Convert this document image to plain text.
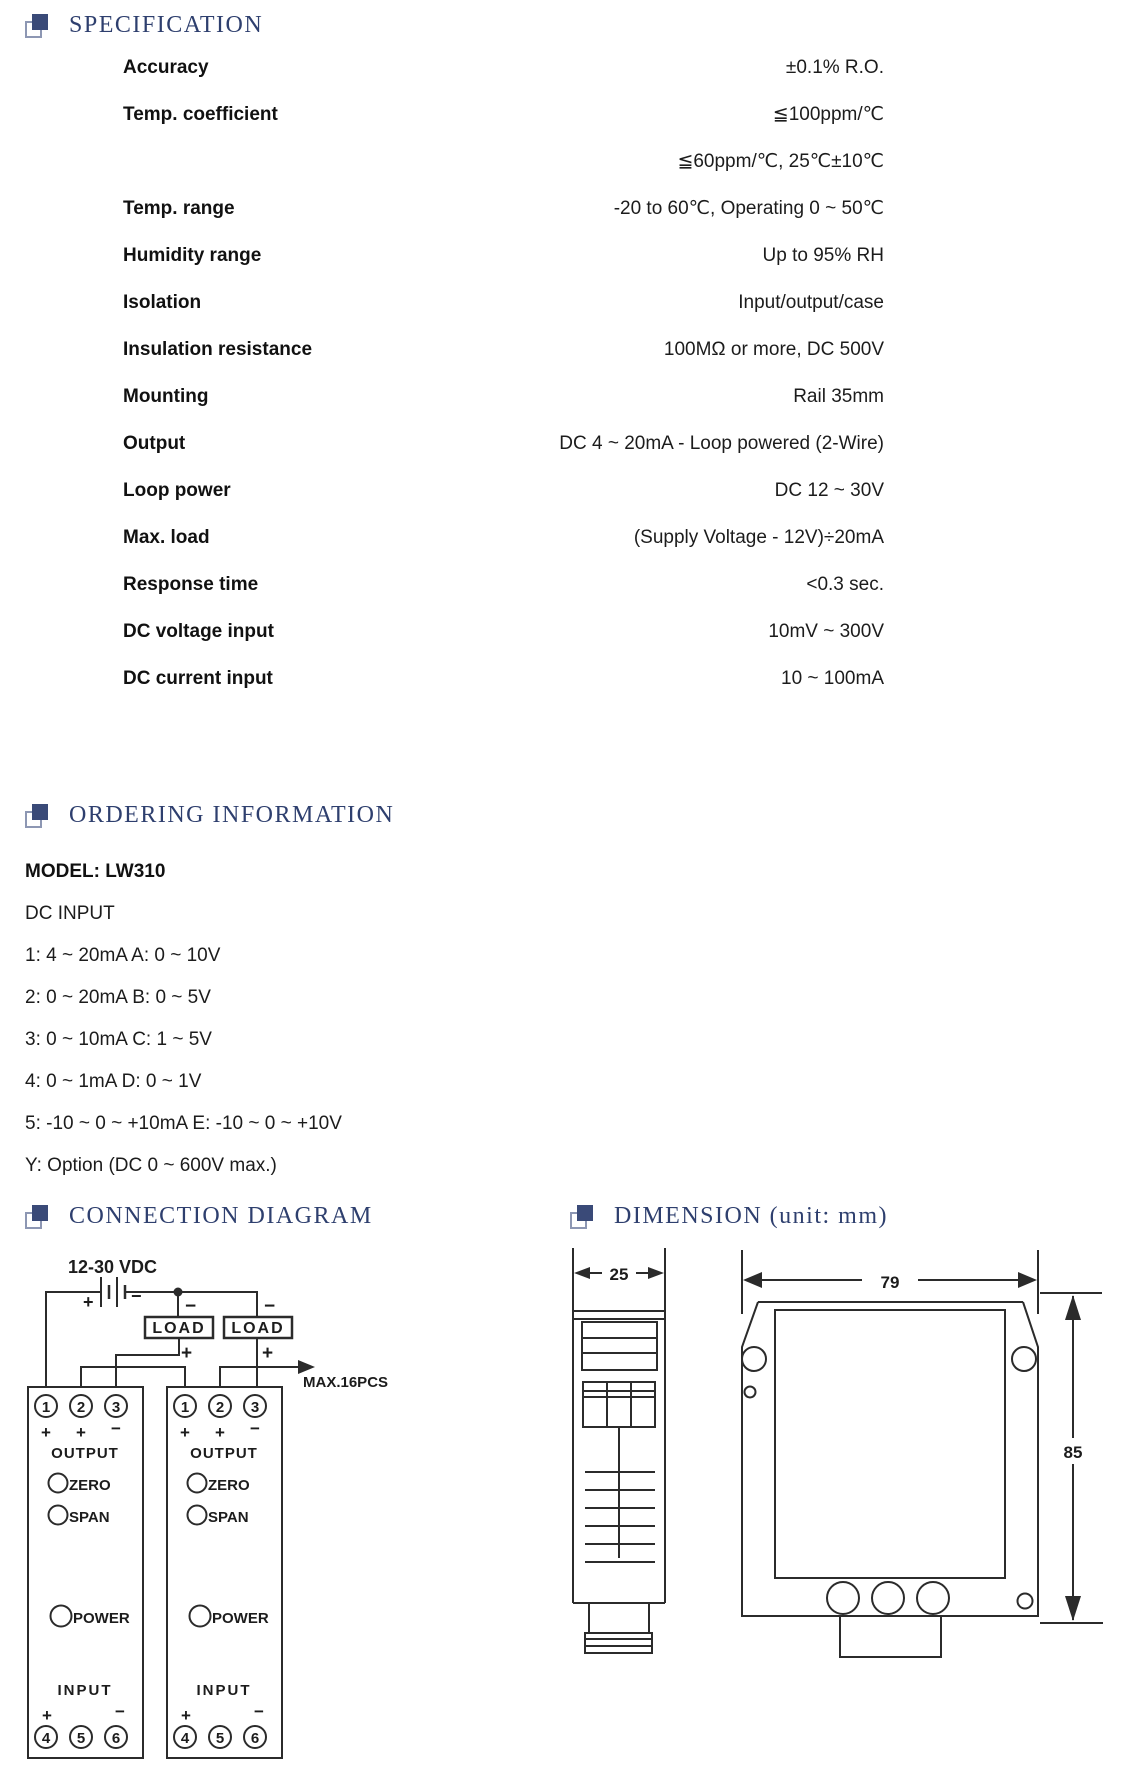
SPECIFICATION
Accuracy	±0.1% R.O.
Temp. coefficient	≦100ppm/℃
≦60ppm/℃, 25℃±10℃
Temp. range	-20 to 60℃, Operating 0 ~ 50℃
Humidity range	Up to 95% RH
Isolation	Input/output/case
Insulation resistance	100MΩ or more, DC 500V
Mounting	Rail 35mm
Output	DC 4 ~ 20mA - Loop powered (2-Wire)
Loop power	DC 12 ~ 30V
Max. load	(Supply Voltage - 12V)÷20mA
Response time	<0.3 sec.
DC voltage input	10mV ~ 300V
DC current input	10 ~ 100mA
ORDERING INFORMATION
MODEL: LW310
DC INPUT
1: 4 ~ 20mA A: 0 ~ 10V
2: 0 ~ 20mA B: 0 ~ 5V
3: 0 ~ 10mA C: 1 ~ 5V
4: 0 ~ 1mA D: 0 ~ 1V
5: -10 ~ 0 ~ +10mA E: -10 ~ 0 ~ +10V
Y: Option (DC 0 ~ 600V max.)
CONNECTION DIAGRAM	DIMENSION (unit: mm)
12-30 VDC
+ − −	−
+	+
LOAD LOAD
MAX.16PCS
1 2 3
+ + −
OUTPUT
ZERO
SPAN
POWER
INPUT
+	−
4 5 6
1 2 3
+ + −
OUTPUT
ZERO
SPAN
POWER
INPUT
+	−
4 5 6
25	79
85
